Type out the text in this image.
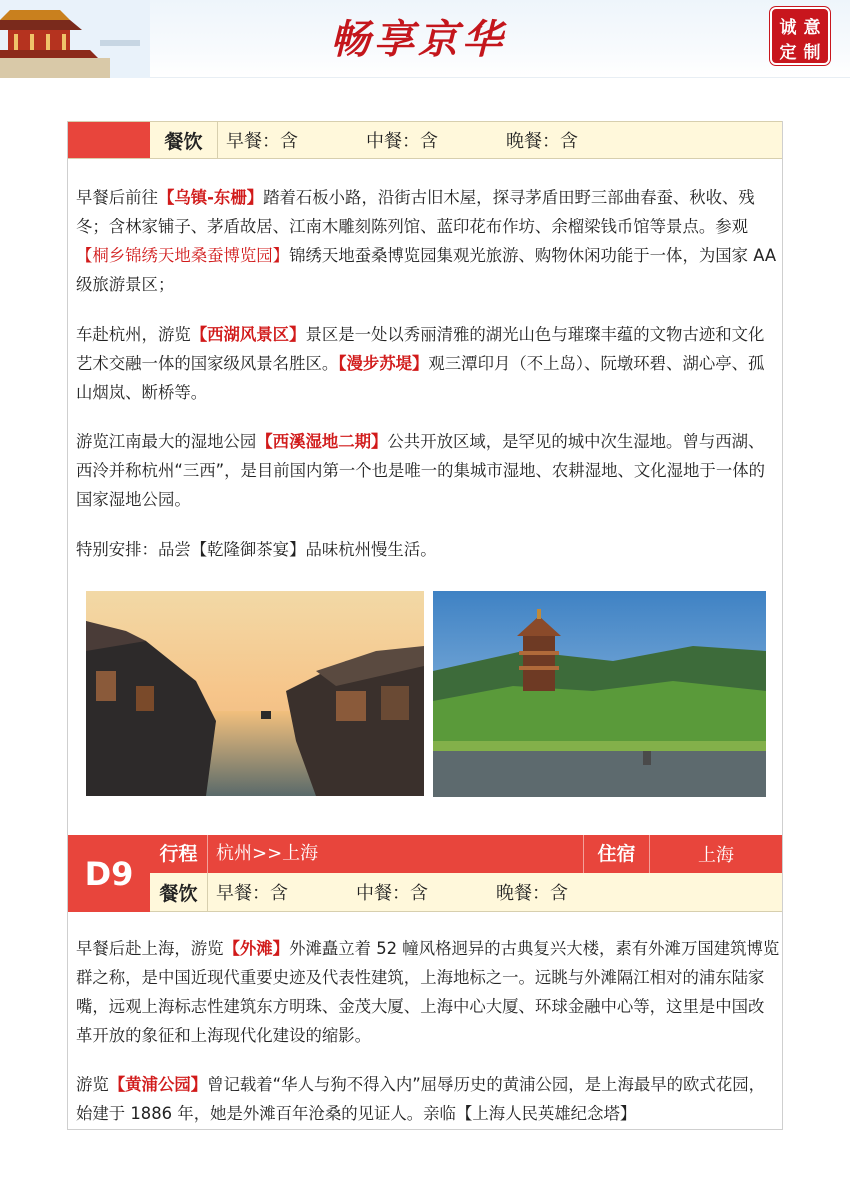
畅享京华	诚 意
定 制
餐饮	早餐：含	中餐：含	晚餐：含

早餐后前往【乌镇-东栅】踏着石板小路，沿街古旧木屋，探寻茅盾田野三部曲春蚕、秋收、残冬；含林家铺子、茅盾故居、江南木雕刻陈列馆、蓝印花布作坊、余榴梁钱币馆等景点。参观【桐乡锦绣天地桑蚕博览园】锦绣天地蚕桑博览园集观光旅游、购物休闲功能于一体，为国家 AA 级旅游景区；

车赴杭州，游览【西湖风景区】景区是一处以秀丽清雅的湖光山色与璀璨丰蕴的文物古迹和文化艺术交融一体的国家级风景名胜区。【漫步苏堤】观三潭印月（不上岛）、阮墩环碧、湖心亭、孤山烟岚、断桥等。

游览江南最大的湿地公园【西溪湿地二期】公共开放区域，是罕见的城中次生湿地。曾与西湖、西泠并称杭州“三西”，是目前国内第一个也是唯一的集城市湿地、农耕湿地、文化湿地于一体的国家湿地公园。

特别安排：品尝【乾隆御茶宴】品味杭州慢生活。

D9
行程	杭州>>上海	住宿	上海
餐饮	早餐：含	中餐：含	晚餐：含

早餐后赴上海，游览【外滩】外滩矗立着 52 幢风格迥异的古典复兴大楼，素有外滩万国建筑博览群之称，是中国近现代重要史迹及代表性建筑，上海地标之一。远眺与外滩隔江相对的浦东陆家嘴，远观上海标志性建筑东方明珠、金茂大厦、上海中心大厦、环球金融中心等，这里是中国改革开放的象征和上海现代化建设的缩影。

游览【黄浦公园】曾记载着“华人与狗不得入内”屈辱历史的黄浦公园，是上海最早的欧式花园，始建于 1886 年，她是外滩百年沧桑的见证人。亲临【上海人民英雄纪念塔】
